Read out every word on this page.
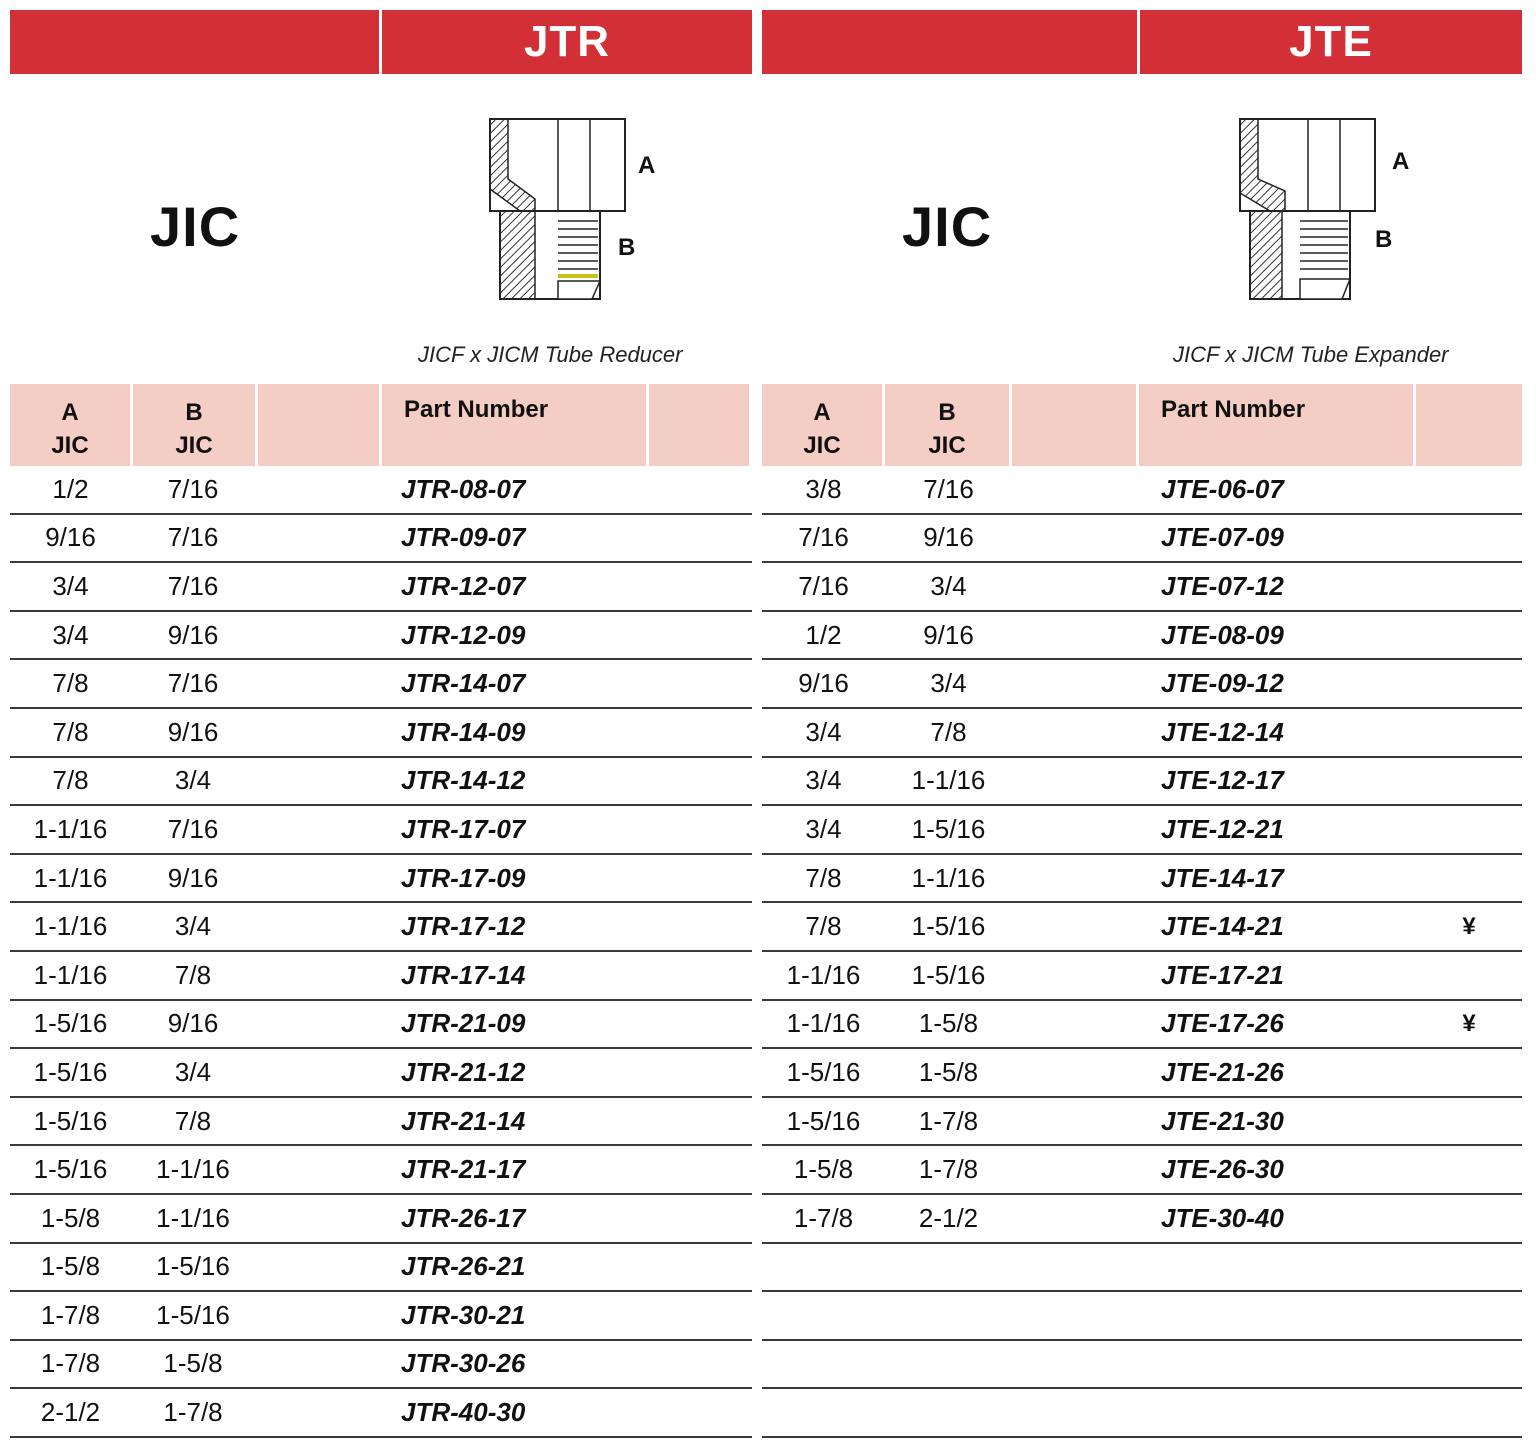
JTR
JIC
A
B
JICF x JICM Tube Reducer
A
JIC
B
JIC
Part Number
1/2	7/16	JTR-08-07
9/16	7/16	JTR-09-07
3/4	7/16	JTR-12-07
3/4	9/16	JTR-12-09
7/8	7/16	JTR-14-07
7/8	9/16	JTR-14-09
7/8	3/4	JTR-14-12
1-1/16	7/16	JTR-17-07
1-1/16	9/16	JTR-17-09
1-1/16	3/4	JTR-17-12
1-1/16	7/8	JTR-17-14
1-5/16	9/16	JTR-21-09
1-5/16	3/4	JTR-21-12
1-5/16	7/8	JTR-21-14
1-5/16	1-1/16	JTR-21-17
1-5/8	1-1/16	JTR-26-17
1-5/8	1-5/16	JTR-26-21
1-7/8	1-5/16	JTR-30-21
1-7/8	1-5/8	JTR-30-26
2-1/2	1-7/8	JTR-40-30
JTE
JIC
A
B
JICF x JICM Tube Expander
A
JIC
B
JIC
Part Number
3/8	7/16	JTE-06-07
7/16	9/16	JTE-07-09
7/16	3/4	JTE-07-12
1/2	9/16	JTE-08-09
9/16	3/4	JTE-09-12
3/4	7/8	JTE-12-14
3/4	1-1/16	JTE-12-17
3/4	1-5/16	JTE-12-21
7/8	1-1/16	JTE-14-17
7/8	1-5/16	JTE-14-21	¥
1-1/16	1-5/16	JTE-17-21
1-1/16	1-5/8	JTE-17-26	¥
1-5/16	1-5/8	JTE-21-26
1-5/16	1-7/8	JTE-21-30
1-5/8	1-7/8	JTE-26-30
1-7/8	2-1/2	JTE-30-40
